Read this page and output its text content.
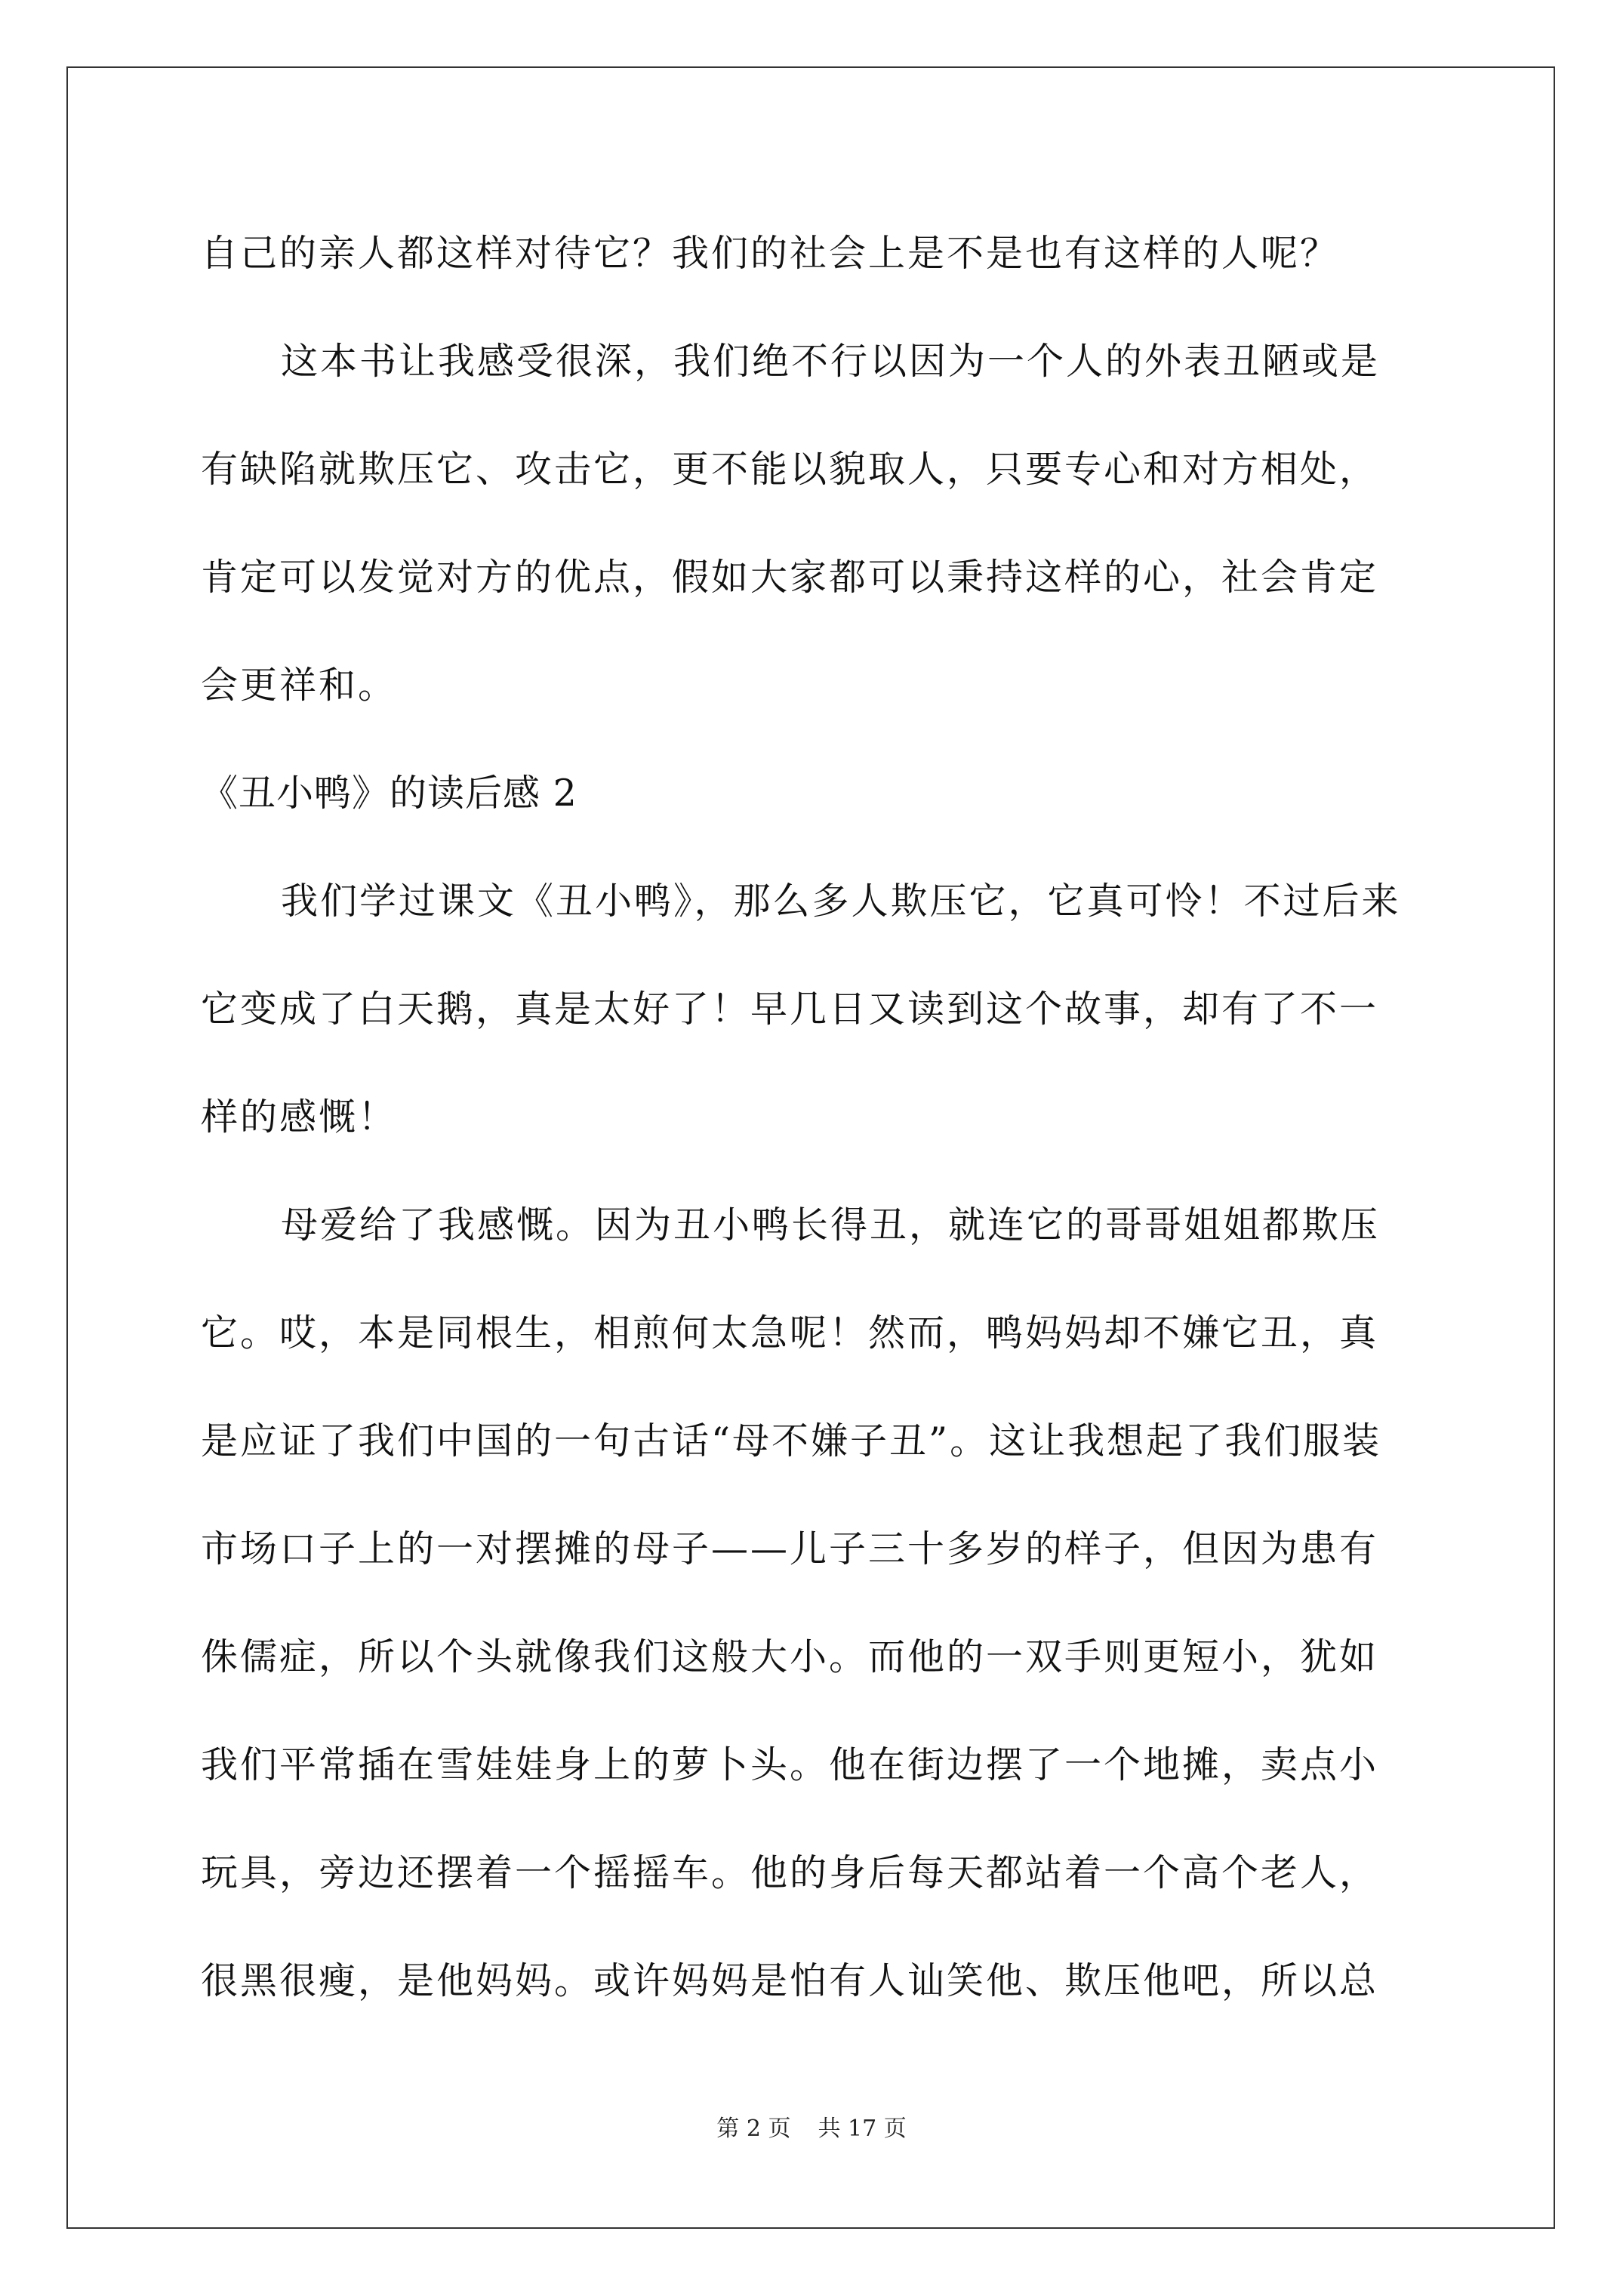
自己的亲人都这样对待它？我们的社会上是不是也有这样的人呢？
这本书让我感受很深，我们绝不行以因为一个人的外表丑陋或是
有缺陷就欺压它、攻击它，更不能以貌取人，只要专心和对方相处，
肯定可以发觉对方的优点，假如大家都可以秉持这样的心，社会肯定
会更祥和。
《丑小鸭》的读后感 2
我们学过课文《丑小鸭》，那么多人欺压它，它真可怜！不过后来
它变成了白天鹅，真是太好了！早几日又读到这个故事，却有了不一
样的感慨！
母爱给了我感慨。因为丑小鸭长得丑，就连它的哥哥姐姐都欺压
它。哎，本是同根生，相煎何太急呢！然而，鸭妈妈却不嫌它丑，真
是应证了我们中国的一句古话“母不嫌子丑”。这让我想起了我们服装
市场口子上的一对摆摊的母子——儿子三十多岁的样子，但因为患有
侏儒症，所以个头就像我们这般大小。而他的一双手则更短小，犹如
我们平常插在雪娃娃身上的萝卜头。他在街边摆了一个地摊，卖点小
玩具，旁边还摆着一个摇摇车。他的身后每天都站着一个高个老人，
很黑很瘦，是他妈妈。或许妈妈是怕有人讪笑他、欺压他吧，所以总
第 2 页 共 17 页
